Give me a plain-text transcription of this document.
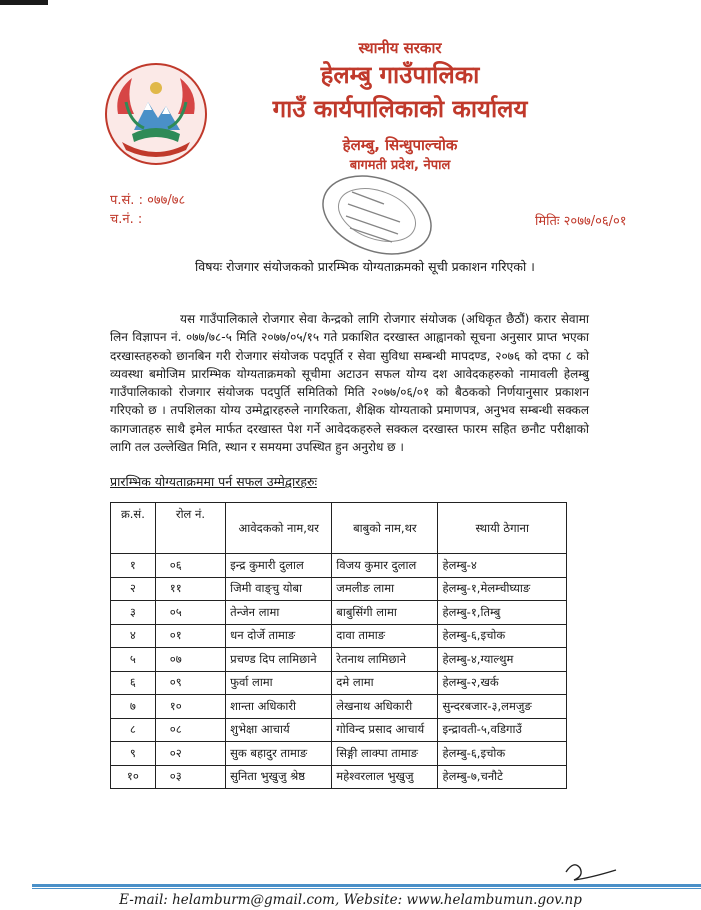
स्थानीय सरकार
हेलम्बु गाउँपालिका
गाउँ कार्यपालिकाको कार्यालय
हेलम्बु, सिन्धुपाल्चोक
बागमती प्रदेश, नेपाल
प.सं. : ०७७/७८
च.नं. :	मितिः २०७७/०६/०१
विषयः रोजगार संयोजकको प्रारम्भिक योग्यताक्रमको सूची प्रकाशन गरिएको ।
यस गाउँपालिकाले रोजगार सेवा केन्द्रको लागि रोजगार संयोजक (अधिकृत छैठौं) करार सेवामा लिन विज्ञापन नं. ०७७/७८-५ मिति २०७७/०५/१५ गते प्रकाशित दरखास्त आह्वानको सूचना अनुसार प्राप्त भएका दरखास्तहरुको छानबिन गरी रोजगार संयोजक पदपूर्ति र सेवा सुविधा सम्बन्धी मापदण्ड, २०७६ को दफा ८ को व्यवस्था बमोजिम प्रारम्भिक योग्यताक्रमको सूचीमा अटाउन सफल योग्य दश आवेदकहरुको नामावली हेलम्बु गाउँपालिकाको रोजगार संयोजक पदपुर्ति समितिको मिति २०७७/०६/०१ को बैठकको निर्णयानुसार प्रकाशन गरिएको छ । तपशिलका योग्य उम्मेद्वारहरुले नागरिकता, शैक्षिक योग्यताको प्रमाणपत्र, अनुभव सम्बन्धी सक्कल कागजातहरु साथै इमेल मार्फत दरखास्त पेश गर्ने आवेदकहरुले सक्कल दरखास्त फारम सहित छनौट परीक्षाको लागि तल उल्लेखित मिति, स्थान र समयमा उपस्थित हुन अनुरोध छ ।
प्रारम्भिक योग्यताक्रममा पर्न सफल उम्मेद्वारहरुः
क्र.सं.	रोल नं.	आवेदकको नाम,थर	बाबुको नाम,थर	स्थायी ठेगाना
१	०६	इन्द्र कुमारी दुलाल	विजय कुमार दुलाल	हेलम्बु-४
२	११	जिमी वाङ्चु योबा	जमलीङ लामा	हेलम्बु-१,मेलम्चीघ्याङ
३	०५	तेन्जेन लामा	बाबुसिंगी लामा	हेलम्बु-१,तिम्बु
४	०१	धन दोर्जे तामाङ	दावा तामाङ	हेलम्बु-६,इचोक
५	०७	प्रचण्ड दिप लामिछाने	रेतनाथ लामिछाने	हेलम्बु-४,ग्याल्थुम
६	०९	फुर्वा लामा	दमे लामा	हेलम्बु-२,खर्क
७	१०	शान्ता अधिकारी	लेखनाथ अधिकारी	सुन्दरबजार-३,लमजुङ
८	०८	शुभेक्षा आचार्य	गोविन्द प्रसाद आचार्य	इन्द्रावती-५,वडिगाउँ
९	०२	सुक बहादुर तामाङ	सिङ्गी लाक्पा तामाङ	हेलम्बु-६,इचोक
१०	०३	सुनिता भुखुजु श्रेष्ठ	महेश्वरलाल भुखुजु	हेलम्बु-७,चनौटे
E-mail: helamburm@gmail.com, Website: www.helambumun.gov.np
